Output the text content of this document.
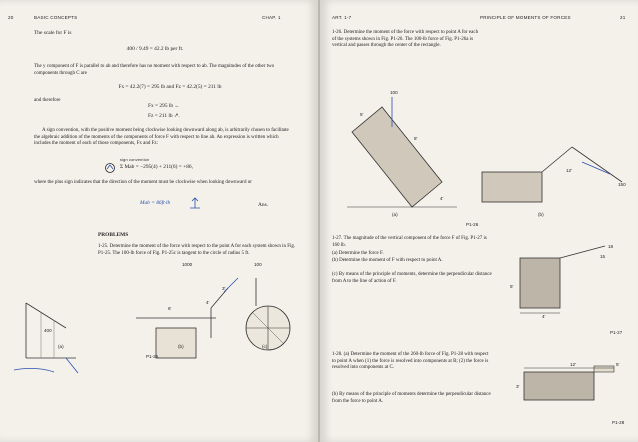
20	BASIC CONCEPTS	CHAP. 1
The scale for F is
400 / 9.49 = 42.2 lb per ft.
The y component of F is parallel to ab and therefore has no moment with respect to ab. The magnitudes of the other two components through C are
Fx = 42.2(7) = 295 lb and Fz = 42.2(5) = 211 lb
and therefore
Fx = 295 lb ←
Fz = 211 lb ↗.
A sign convention, with the positive moment being clockwise looking downward along ab, is arbitrarily chosen to facilitate the algebraic addition of the moments of the components of force F with respect to line ab. An expression is written which includes the moment of each of those components, Fx and Fz:
sign convention
Σ Mab = −295(4) + 211(6) = +86,
where the plus sign indicates that the direction of the moment must be clockwise when looking downward or
Mab = 86ft·lb	Ans.
PROBLEMS
1-25. Determine the moment of the force with respect to the point A for each system shown in Fig. P1-25. The 100-lb force of Fig. P1-25c is tangent to the circle of radius 5 ft.
400
1000	100
6'
4'
3'
(a)	(b)	(c)
P1-25
ART. 1-7	PRINCIPLE OF MOMENTS OF FORCES	21
1-26. Determine the moment of the force with respect to point A for each of the systems shown in Fig. P1-26. The 100-lb force of Fig. P1-26a is vertical and passes through the center of the rectangle.
100
5'
8'
4'
12'
150
(a)	(b)
P1-26
1-27. The magnitude of the vertical component of the force F of Fig. P1-27 is 160 lb.
(a) Determine the force F.
(b) Determine the moment of F with respect to point A.
(c) By means of the principle of moments, determine the perpendicular distance from A to the line of action of F.
18
15
5'
4'
P1-27
1-28. (a) Determine the moment of the 260-lb force of Fig. P1-28 with respect to point A when (1) the force is resolved into components at B; (2) the force is resolved into components at C.
(b) By means of the principle of moments determine the perpendicular distance from the force to point A.
12'	5'
3'
P1-28
